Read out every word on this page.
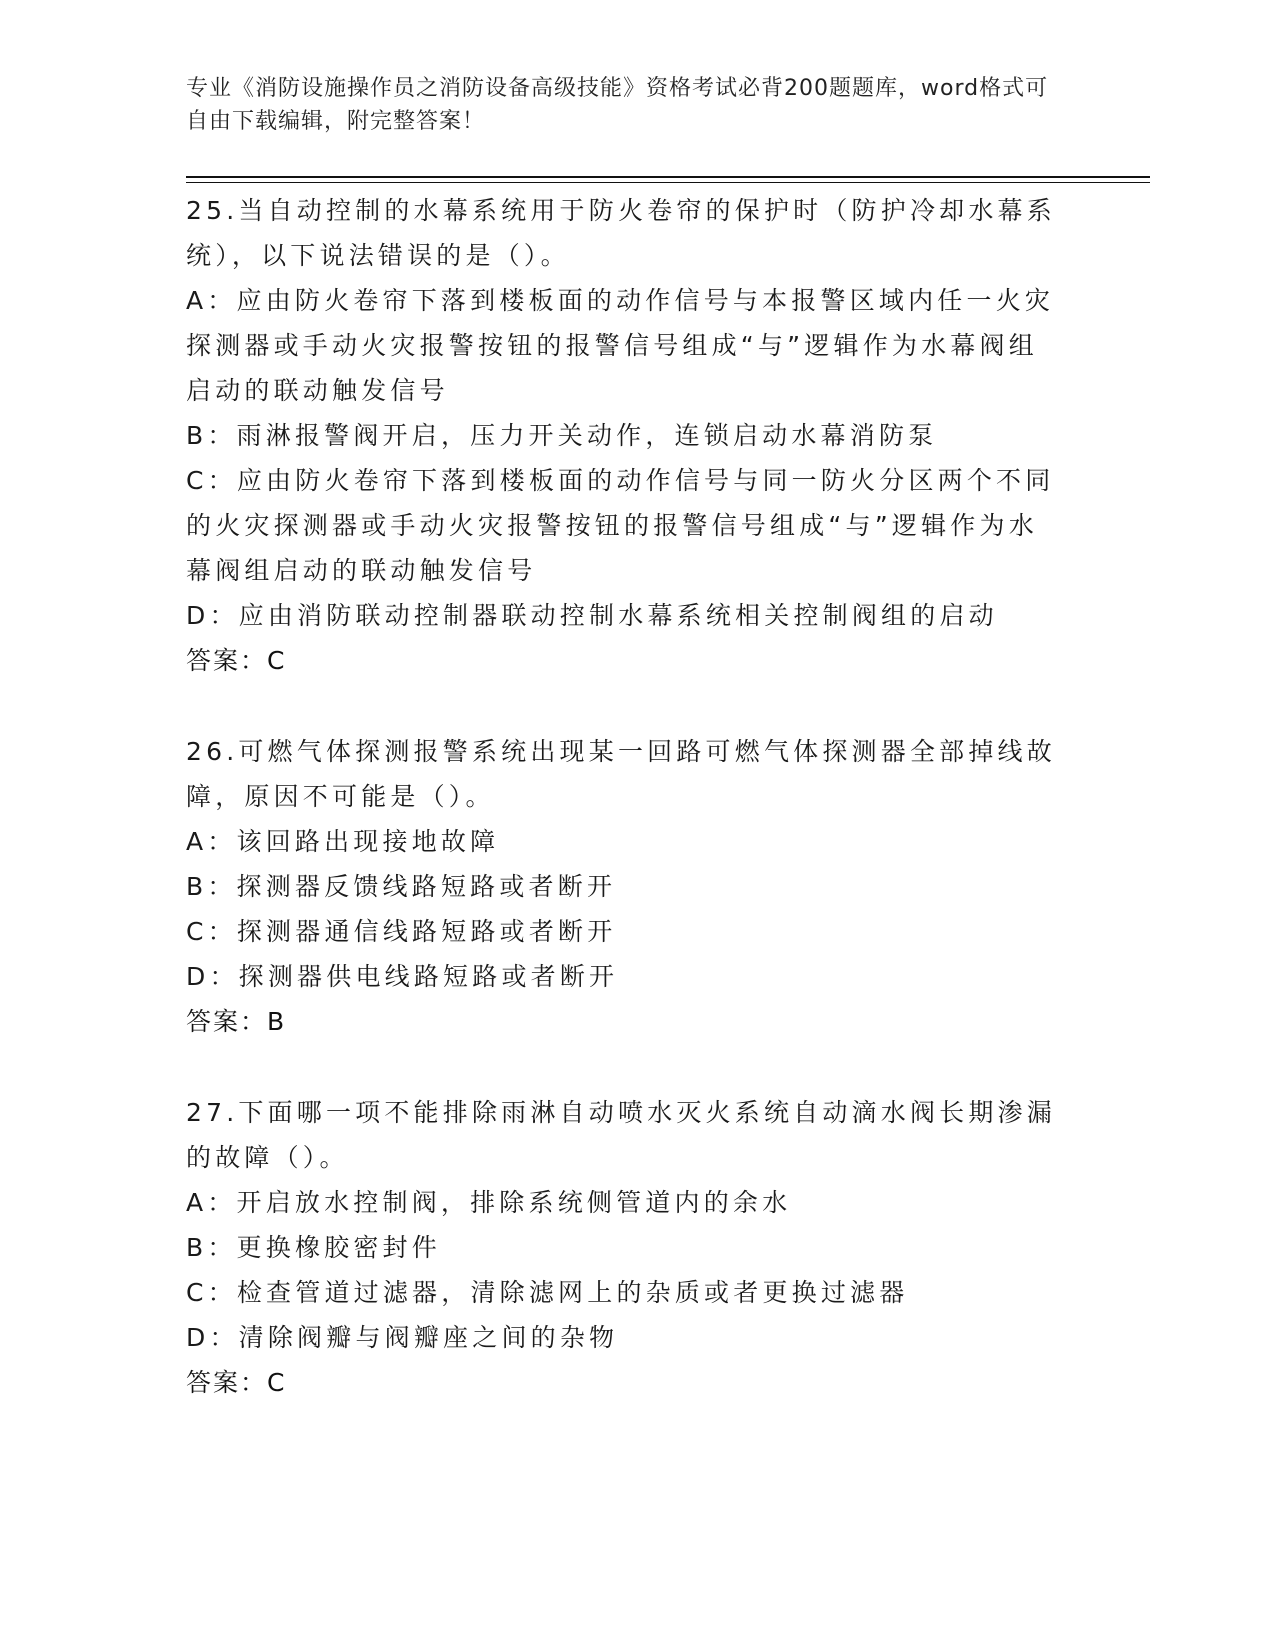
专业《消防设施操作员之消防设备高级技能》资格考试必背200题题库，word格式可自由下载编辑，附完整答案！

25.当自动控制的水幕系统用于防火卷帘的保护时（防护冷却水幕系统），以下说法错误的是（）。

A：应由防火卷帘下落到楼板面的动作信号与本报警区域内任一火灾探测器或手动火灾报警按钮的报警信号组成“与”逻辑作为水幕阀组启动的联动触发信号

B：雨淋报警阀开启，压力开关动作，连锁启动水幕消防泵

C：应由防火卷帘下落到楼板面的动作信号与同一防火分区两个不同的火灾探测器或手动火灾报警按钮的报警信号组成“与”逻辑作为水幕阀组启动的联动触发信号

D：应由消防联动控制器联动控制水幕系统相关控制阀组的启动

答案：C

26.可燃气体探测报警系统出现某一回路可燃气体探测器全部掉线故障，原因不可能是（）。

A：该回路出现接地故障

B：探测器反馈线路短路或者断开

C：探测器通信线路短路或者断开

D：探测器供电线路短路或者断开

答案：B

27.下面哪一项不能排除雨淋自动喷水灭火系统自动滴水阀长期渗漏的故障（）。

A：开启放水控制阀，排除系统侧管道内的余水

B：更换橡胶密封件

C：检查管道过滤器，清除滤网上的杂质或者更换过滤器

D：清除阀瓣与阀瓣座之间的杂物

答案：C
